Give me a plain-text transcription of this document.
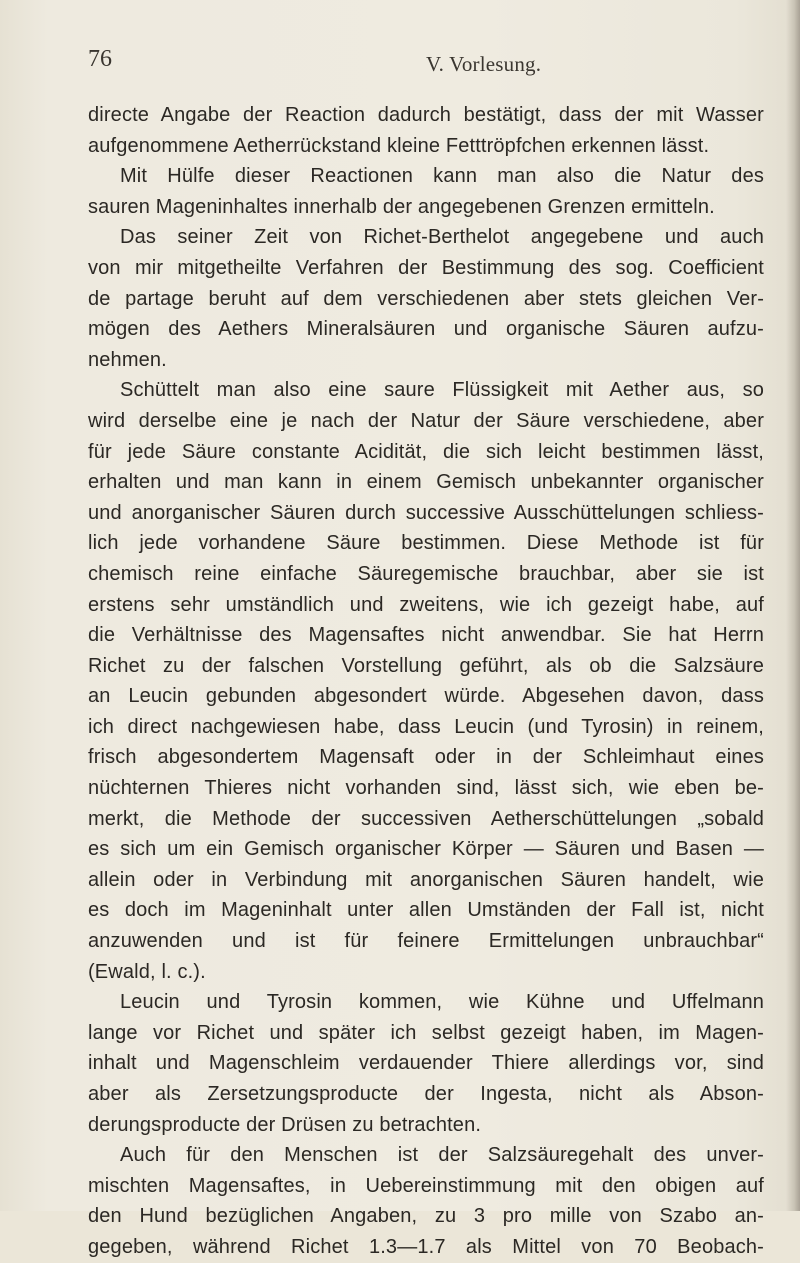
76	V. Vorlesung.
directe Angabe der Reaction dadurch bestätigt, dass der mit Wasser
aufgenommene Aetherrückstand kleine Fetttröpfchen erkennen lässt.
Mit Hülfe dieser Reactionen kann man also die Natur des
sauren Mageninhaltes innerhalb der angegebenen Grenzen ermitteln.
Das seiner Zeit von Richet-Berthelot angegebene und auch
von mir mitgetheilte Verfahren der Bestimmung des sog. Coefficient
de partage beruht auf dem verschiedenen aber stets gleichen Ver-
mögen des Aethers Mineralsäuren und organische Säuren aufzu-
nehmen.
Schüttelt man also eine saure Flüssigkeit mit Aether aus, so
wird derselbe eine je nach der Natur der Säure verschiedene, aber
für jede Säure constante Acidität, die sich leicht bestimmen lässt,
erhalten und man kann in einem Gemisch unbekannter organischer
und anorganischer Säuren durch successive Ausschüttelungen schliess-
lich jede vorhandene Säure bestimmen. Diese Methode ist für
chemisch reine einfache Säuregemische brauchbar, aber sie ist
erstens sehr umständlich und zweitens, wie ich gezeigt habe, auf
die Verhältnisse des Magensaftes nicht anwendbar. Sie hat Herrn
Richet zu der falschen Vorstellung geführt, als ob die Salzsäure
an Leucin gebunden abgesondert würde. Abgesehen davon, dass
ich direct nachgewiesen habe, dass Leucin (und Tyrosin) in reinem,
frisch abgesondertem Magensaft oder in der Schleimhaut eines
nüchternen Thieres nicht vorhanden sind, lässt sich, wie eben be-
merkt, die Methode der successiven Aetherschüttelungen „sobald
es sich um ein Gemisch organischer Körper — Säuren und Basen —
allein oder in Verbindung mit anorganischen Säuren handelt, wie
es doch im Mageninhalt unter allen Umständen der Fall ist, nicht
anzuwenden und ist für feinere Ermittelungen unbrauchbar“
(Ewald, l. c.).
Leucin und Tyrosin kommen, wie Kühne und Uffelmann
lange vor Richet und später ich selbst gezeigt haben, im Magen-
inhalt und Magenschleim verdauender Thiere allerdings vor, sind
aber als Zersetzungsproducte der Ingesta, nicht als Abson-
derungsproducte der Drüsen zu betrachten.
Auch für den Menschen ist der Salzsäuregehalt des unver-
mischten Magensaftes, in Uebereinstimmung mit den obigen auf
den Hund bezüglichen Angaben, zu 3 pro mille von Szabo an-
gegeben, während Richet 1.3—1.7 als Mittel von 70 Beobach-
